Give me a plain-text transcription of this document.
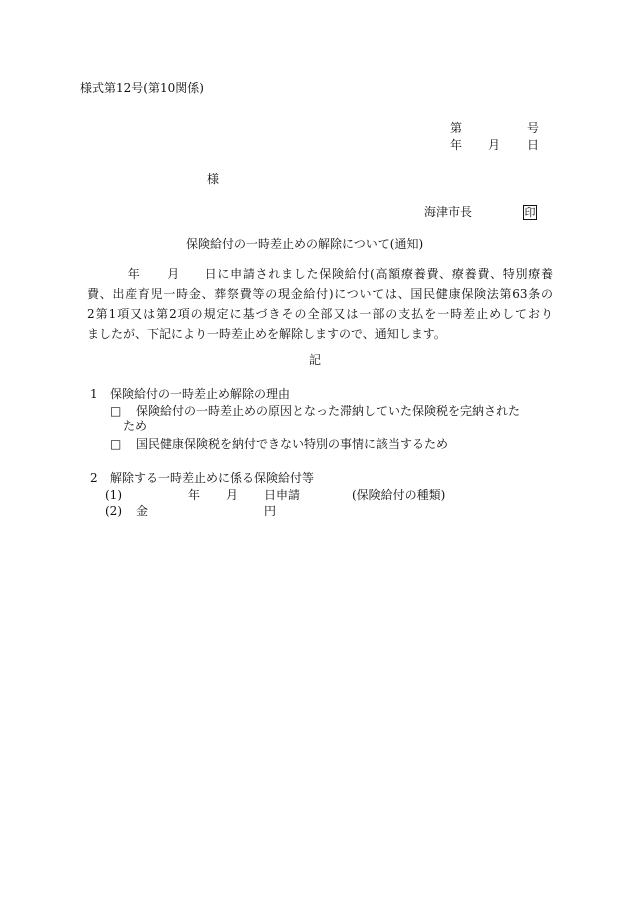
様式第12号(第10関係)
第	号
年 月 日
様
海津市長	印
保険給付の一時差止めの解除について(通知)
年 月 日に申請されました保険給付(高額療養費、療養費、特別療養
費、出産育児一時金、葬祭費等の現金給付)については、国民健康保険法第63条の
2第1項又は第2項の規定に基づきその全部又は一部の支払を一時差止めしており
ましたが、下記により一時差止めを解除しますので、通知します。
記
1 保険給付の一時差止め解除の理由
□ 保険給付の一時差止めの原因となった滞納していた保険税を完納された
ため
□ 国民健康保険税を納付できない特別の事情に該当するため
2 解除する一時差止めに係る保険給付等
(1)	年 月 日申請	(保険給付の種類)
(2) 金	円
